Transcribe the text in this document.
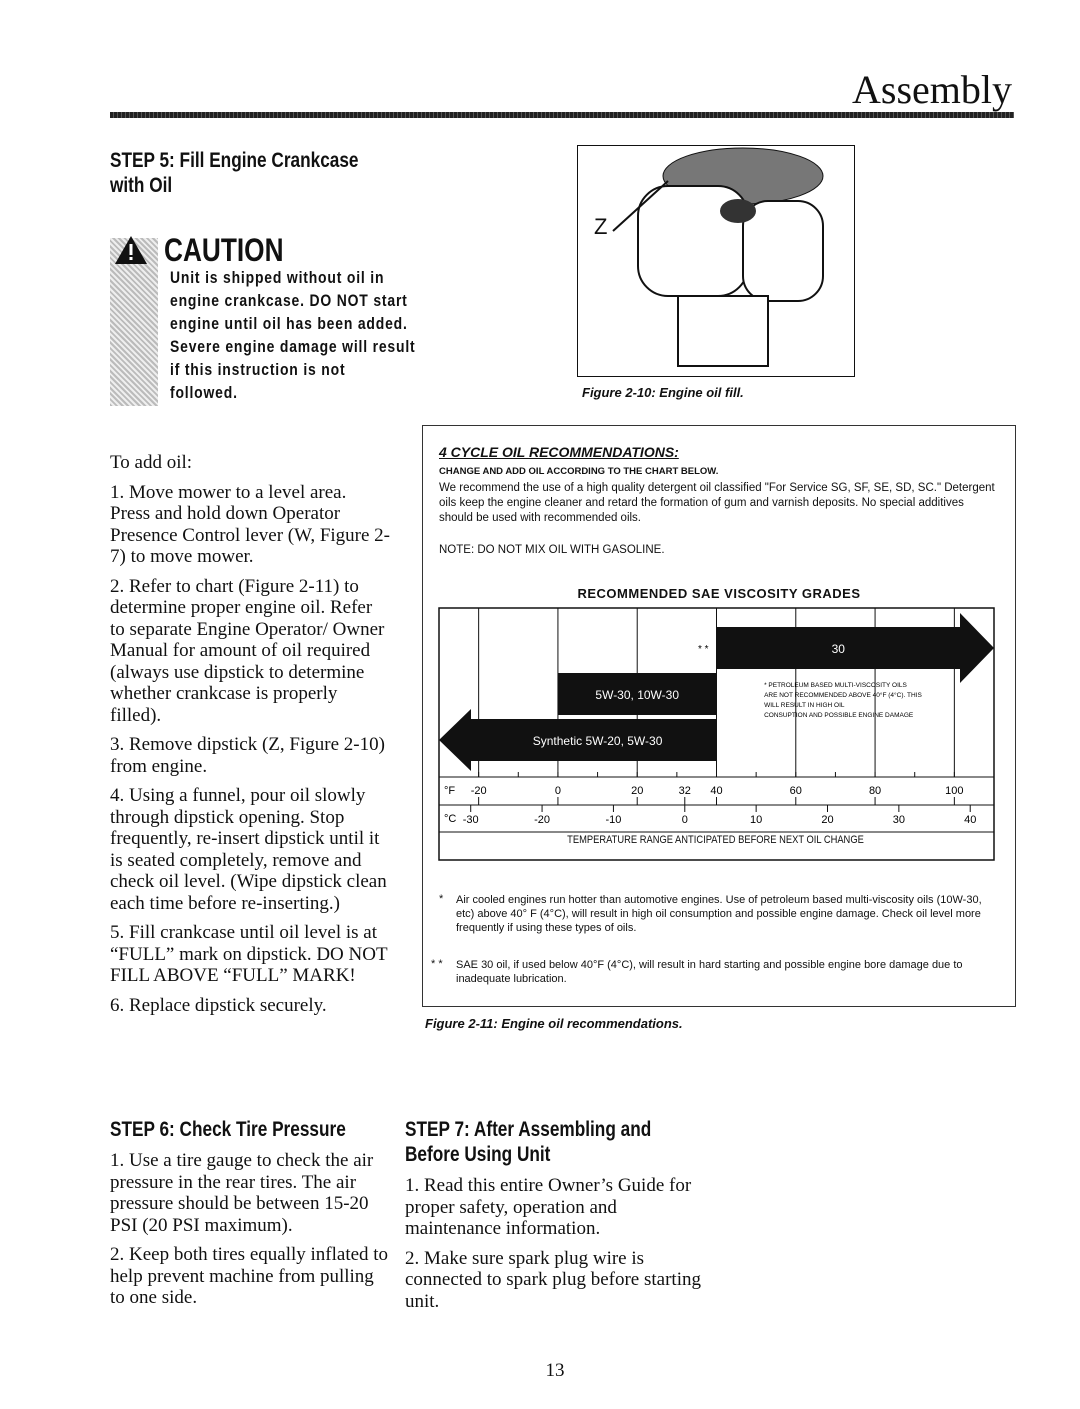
Assembly
STEP 5: Fill Engine Crankcase
with Oil
CAUTION
Unit is shipped without oil in engine crankcase. DO NOT start engine until oil has been added. Severe engine damage will result if this instruction is not followed.

To add oil:

1. Move mower to a level area. Press and hold down Operator Presence Control lever (W, Figure 2-7) to move mower.

2. Refer to chart (Figure 2-11) to determine proper engine oil. Refer to separate Engine Operator/ Owner Manual for amount of oil required (always use dipstick to determine whether crankcase is properly filled).

3. Remove dipstick (Z, Figure 2-10) from engine.

4. Using a funnel, pour oil slowly through dipstick opening. Stop frequently, re-insert dipstick until it is seated completely, remove and check oil level. (Wipe dipstick clean each time before re-inserting.)

5. Fill crankcase until oil level is at “FULL” mark on dipstick. DO NOT FILL ABOVE “FULL” MARK!

6. Replace dipstick securely.

Z
Figure 2-10: Engine oil fill.
4 CYCLE OIL RECOMMENDATIONS:
CHANGE AND ADD OIL ACCORDING TO THE CHART BELOW.
We recommend the use of a high quality detergent oil classified "For Service SG, SF, SE, SD, SC." Detergent oils keep the engine cleaner and retard the formation of gum and varnish deposits. No special additives should be used with recommended oils.
NOTE: DO NOT MIX OIL WITH GASOLINE.
RECOMMENDED SAE VISCOSITY GRADES
30
* *
5W-30, 10W-30
Synthetic 5W-20, 5W-30
* PETROLEUM BASED MULTI-VISCOSITY OILS
ARE NOT RECOMMENDED ABOVE 40°F (4°C). THIS
WILL RESULT IN HIGH OIL
CONSUPTION AND POSSIBLE ENGINE DAMAGE
°F
°C
-20	0	20	32 40	60	80	100
-30	-20	-10	0	10	20	30	40
TEMPERATURE RANGE ANTICIPATED BEFORE NEXT OIL CHANGE
* Air cooled engines run hotter than automotive engines. Use of petroleum based multi-viscosity oils (10W-30, etc) above 40° F (4°C), will result in high oil consumption and possible engine damage. Check oil level more frequently if using these types of oils.
* * SAE 30 oil, if used below 40°F (4°C), will result in hard starting and possible engine bore damage due to inadequate lubrication.
Figure 2-11: Engine oil recommendations.
STEP 6: Check Tire Pressure

1. Use a tire gauge to check the air pressure in the rear tires. The air pressure should be between 15-20 PSI (20 PSI maximum).

2. Keep both tires equally inflated to help prevent machine from pulling to one side.

STEP 7: After Assembling and
Before Using Unit

1. Read this entire Owner’s Guide for proper safety, operation and maintenance information.

2. Make sure spark plug wire is connected to spark plug before starting unit.

13
